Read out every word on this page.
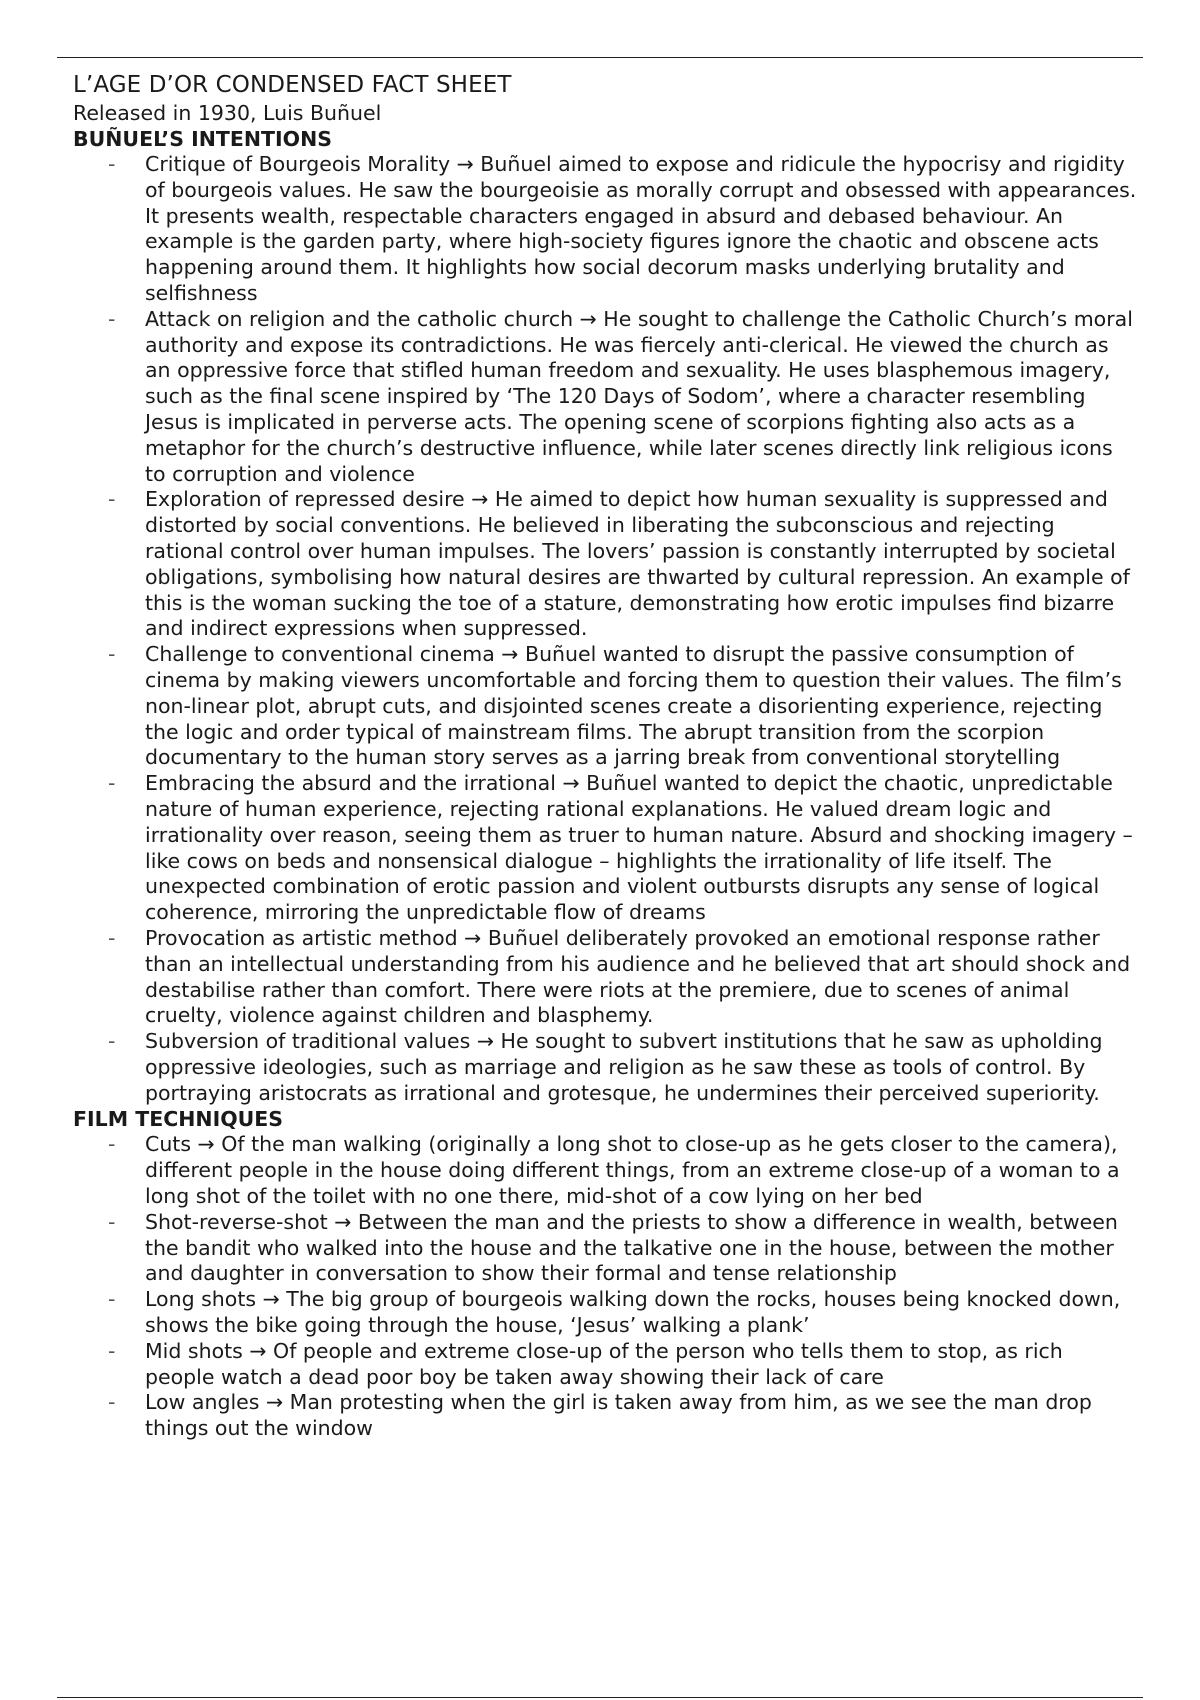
L’AGE D’OR CONDENSED FACT SHEET

Released in 1930, Luis Buñuel

BUÑUEL’S INTENTIONS
- Critique of Bourgeois Morality → Buñuel aimed to expose and ridicule the hypocrisy and rigidity of bourgeois values. He saw the bourgeoisie as morally corrupt and obsessed with appearances. It presents wealth, respectable characters engaged in absurd and debased behaviour. An example is the garden party, where high-society figures ignore the chaotic and obscene acts happening around them. It highlights how social decorum masks underlying brutality and selfishness
- Attack on religion and the catholic church → He sought to challenge the Catholic Church’s moral authority and expose its contradictions. He was fiercely anti-clerical. He viewed the church as an oppressive force that stifled human freedom and sexuality. He uses blasphemous imagery, such as the final scene inspired by ‘The 120 Days of Sodom’, where a character resembling Jesus is implicated in perverse acts. The opening scene of scorpions fighting also acts as a metaphor for the church’s destructive influence, while later scenes directly link religious icons to corruption and violence
- Exploration of repressed desire → He aimed to depict how human sexuality is suppressed and distorted by social conventions. He believed in liberating the subconscious and rejecting rational control over human impulses. The lovers’ passion is constantly interrupted by societal obligations, symbolising how natural desires are thwarted by cultural repression. An example of this is the woman sucking the toe of a stature, demonstrating how erotic impulses find bizarre and indirect expressions when suppressed.
- Challenge to conventional cinema → Buñuel wanted to disrupt the passive consumption of cinema by making viewers uncomfortable and forcing them to question their values. The film’s non-linear plot, abrupt cuts, and disjointed scenes create a disorienting experience, rejecting the logic and order typical of mainstream films. The abrupt transition from the scorpion documentary to the human story serves as a jarring break from conventional storytelling
- Embracing the absurd and the irrational → Buñuel wanted to depict the chaotic, unpredictable nature of human experience, rejecting rational explanations. He valued dream logic and irrationality over reason, seeing them as truer to human nature. Absurd and shocking imagery – like cows on beds and nonsensical dialogue – highlights the irrationality of life itself. The unexpected combination of erotic passion and violent outbursts disrupts any sense of logical coherence, mirroring the unpredictable flow of dreams
- Provocation as artistic method → Buñuel deliberately provoked an emotional response rather than an intellectual understanding from his audience and he believed that art should shock and destabilise rather than comfort. There were riots at the premiere, due to scenes of animal cruelty, violence against children and blasphemy.
- Subversion of traditional values → He sought to subvert institutions that he saw as upholding oppressive ideologies, such as marriage and religion as he saw these as tools of control. By portraying aristocrats as irrational and grotesque, he undermines their perceived superiority.
FILM TECHNIQUES
- Cuts → Of the man walking (originally a long shot to close-up as he gets closer to the camera), different people in the house doing different things, from an extreme close-up of a woman to a long shot of the toilet with no one there, mid-shot of a cow lying on her bed
- Shot-reverse-shot → Between the man and the priests to show a difference in wealth, between the bandit who walked into the house and the talkative one in the house, between the mother and daughter in conversation to show their formal and tense relationship
- Long shots → The big group of bourgeois walking down the rocks, houses being knocked down, shows the bike going through the house, ‘Jesus’ walking a plank’
- Mid shots → Of people and extreme close-up of the person who tells them to stop, as rich people watch a dead poor boy be taken away showing their lack of care
- Low angles → Man protesting when the girl is taken away from him, as we see the man drop things out the window
